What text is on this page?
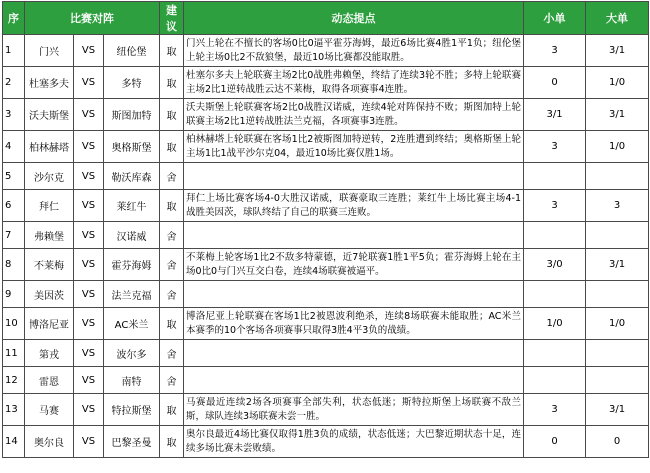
序	比赛对阵			建议	动态提点	小单	大单
1	门兴	VS	纽伦堡	取	门兴上轮在不擅长的客场0比0逼平霍芬海姆，最近6场比赛4胜1平1负；纽伦堡上轮主场0比2不敌狼堡，最近10场比赛都没能取胜。	3	3/1
2	杜塞多夫	VS	多特	取	杜塞尔多夫上轮联赛主场2比0战胜弗赖堡，终结了连续3轮不胜；多特上轮联赛主场2比1逆转战胜云达不莱梅，取得各项赛事4连胜。	0	1/0
3	沃夫斯堡	VS	斯图加特	取	沃夫斯堡上轮联赛客场2比0战胜汉诺威，连续4轮对阵保持不败；斯图加特上轮联赛主场2比1逆转战胜法兰克福，各项赛事3连胜。	3/1	3/1
4	柏林赫塔	VS	奥格斯堡	取	柏林赫塔上轮联赛在客场1比2被斯图加特逆转，2连胜遭到终结；奥格斯堡上轮主场1比1战平沙尔克04，最近10场比赛仅胜1场。	3	1/0
5	沙尔克	VS	勒沃库森	舍			
6	拜仁	VS	莱红牛	取	拜仁上场比赛客场4-0大胜汉诺威，联赛豪取三连胜；莱红牛上场比赛主场4-1战胜美因茨，球队终结了自己的联赛三连败。	3	3
7	弗赖堡	VS	汉诺威	舍			
8	不莱梅	VS	霍芬海姆	舍	不莱梅上轮客场1比2不敌多特蒙德，近7轮联赛1胜1平5负；霍芬海姆上轮在主场0比0与门兴互交白卷，连续4场联赛被逼平。	3/0	3/1
9	美因茨	VS	法兰克福	舍			
10	博洛尼亚	VS	AC米兰	取	博洛尼亚上轮联赛在客场1比2被恩波利绝杀，连续8场联赛未能取胜；AC米兰本赛季的10个客场各项赛事只取得3胜4平3负的战绩。	1/0	1/0
11	第戎	VS	波尔多	舍			
12	雷恩	VS	南特	舍			
13	马赛	VS	特拉斯堡	取	马赛最近连续2场各项赛事全部失利，状态低迷；斯特拉斯堡上场联赛不敌兰斯，球队连续3场联赛未尝一胜。	3	3/1
14	奥尔良	VS	巴黎圣曼	取	奥尔良最近4场比赛仅取得1胜3负的成绩，状态低迷；大巴黎近期状态十足，连续多场比赛未尝败绩。	0	0
